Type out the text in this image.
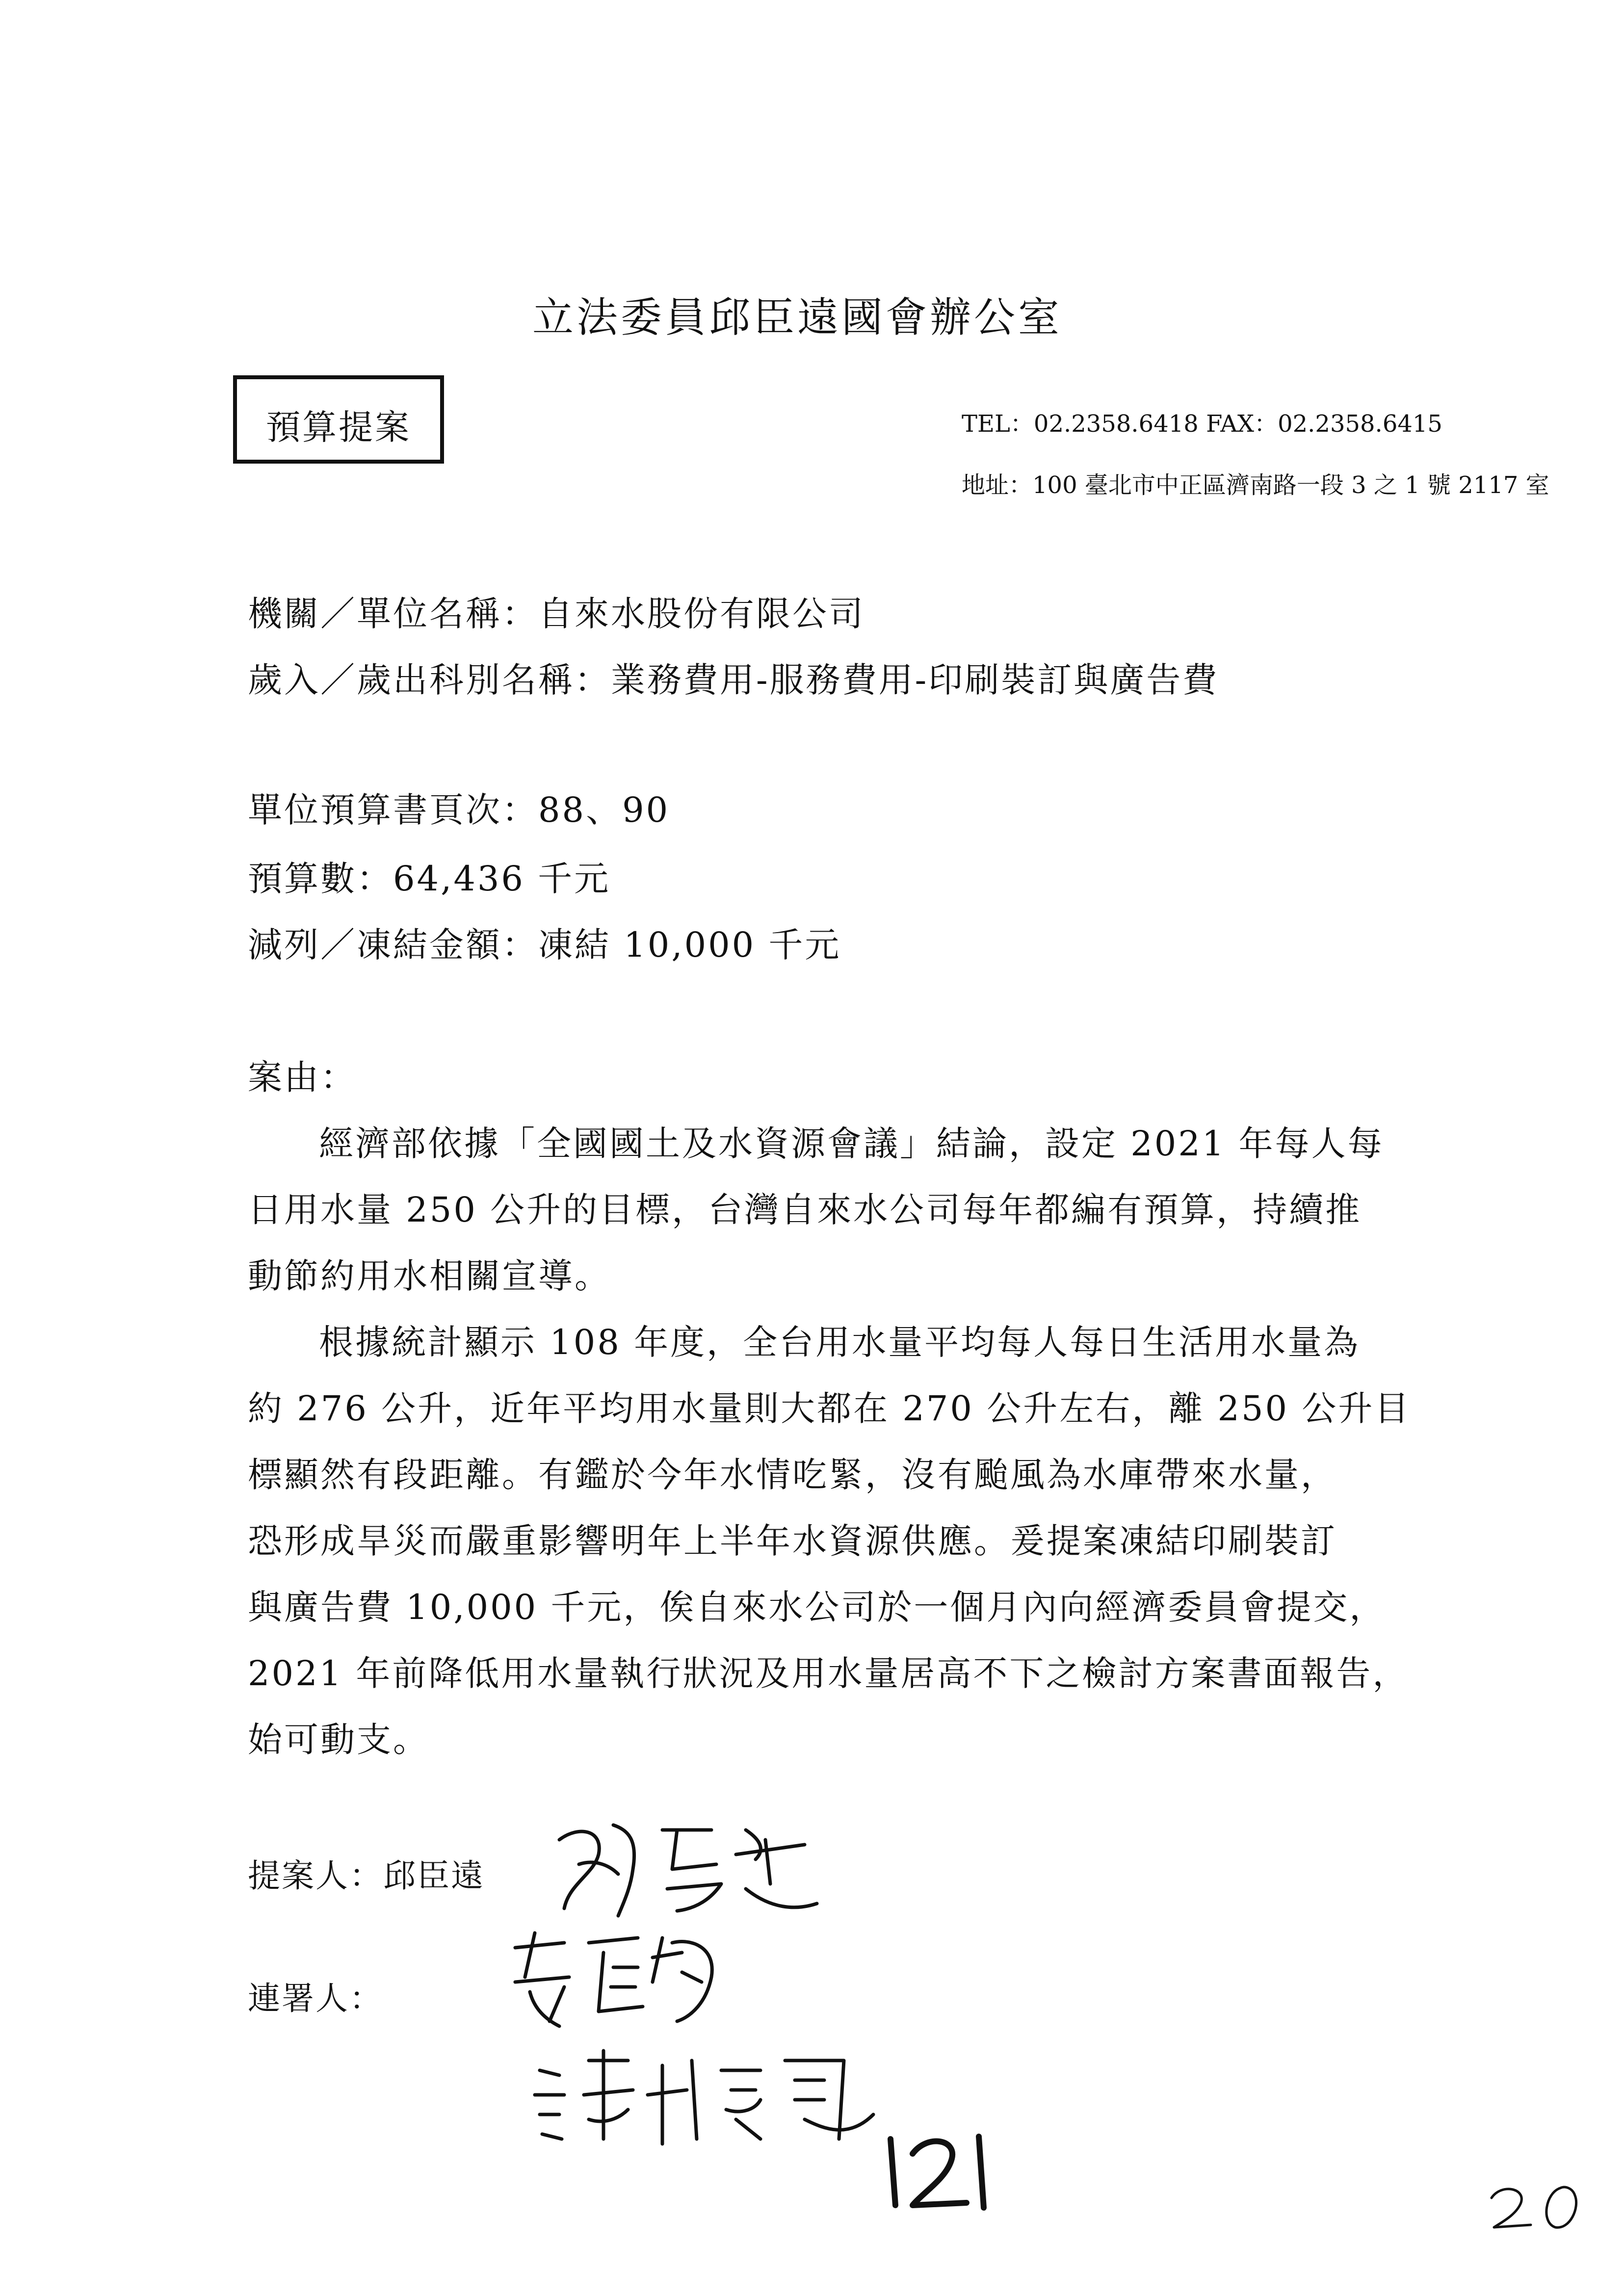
立法委員邱臣遠國會辦公室
預算提案	TEL：02.2358.6418 FAX：02.2358.6415
地址：100 臺北市中正區濟南路一段 3 之 1 號 2117 室
機關／單位名稱：自來水股份有限公司
歲入／歲出科別名稱：業務費用-服務費用-印刷裝訂與廣告費
單位預算書頁次：88、90
預算數：64,436 千元
減列／凍結金額：凍結 10,000 千元
案由：
經濟部依據「全國國土及水資源會議」結論，設定 2021 年每人每
日用水量 250 公升的目標，台灣自來水公司每年都編有預算，持續推
動節約用水相關宣導。
根據統計顯示 108 年度，全台用水量平均每人每日生活用水量為
約 276 公升，近年平均用水量則大都在 270 公升左右，離 250 公升目
標顯然有段距離。有鑑於今年水情吃緊，沒有颱風為水庫帶來水量，
恐形成旱災而嚴重影響明年上半年水資源供應。爰提案凍結印刷裝訂
與廣告費 10,000 千元，俟自來水公司於一個月內向經濟委員會提交，
2021 年前降低用水量執行狀況及用水量居高不下之檢討方案書面報告，
始可動支。
提案人：邱臣遠
連署人：
